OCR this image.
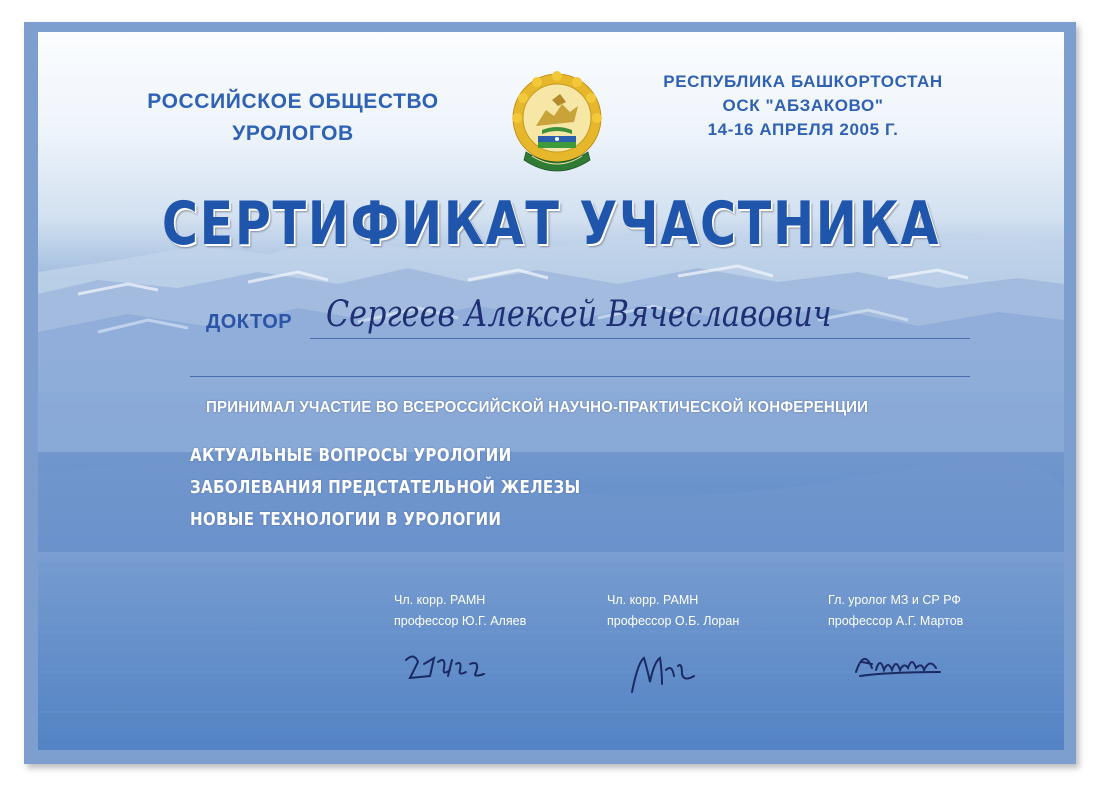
РОССИЙСКОЕ ОБЩЕСТВО
УРОЛОГОВ
РЕСПУБЛИКА БАШКОРТОСТАН
ОСК "АБЗАКОВО"
14-16 АПРЕЛЯ 2005 Г.
СЕРТИФИКАТ УЧАСТНИКА
ДОКТОР Сергеев Алексей Вячеславович
ПРИНИМАЛ УЧАСТИЕ ВО ВСЕРОССИЙСКОЙ НАУЧНО-ПРАКТИЧЕСКОЙ КОНФЕРЕНЦИИ
АКТУАЛЬНЫЕ ВОПРОСЫ УРОЛОГИИ
ЗАБОЛЕВАНИЯ ПРЕДСТАТЕЛЬНОЙ ЖЕЛЕЗЫ
НОВЫЕ ТЕХНОЛОГИИ В УРОЛОГИИ
Чл. корр. РАМН
профессор Ю.Г. Аляев
Чл. корр. РАМН
профессор О.Б. Лоран
Гл. уролог МЗ и СР РФ
профессор А.Г. Мартов
